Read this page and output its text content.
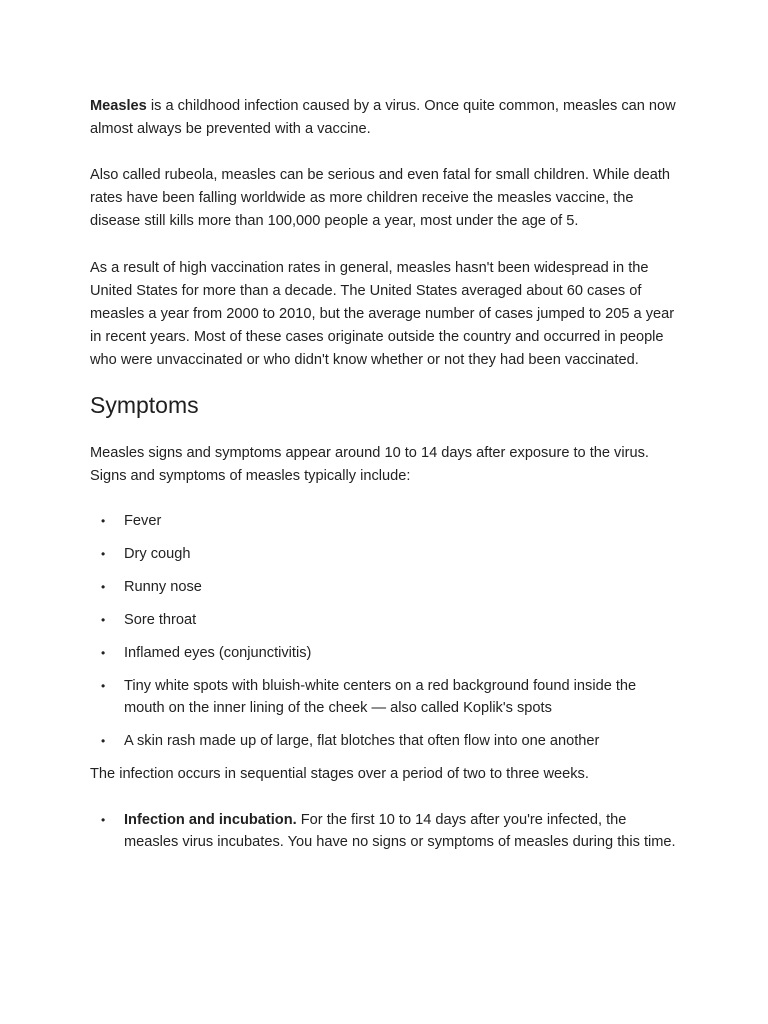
Measles is a childhood infection caused by a virus. Once quite common, measles can now almost always be prevented with a vaccine.

Also called rubeola, measles can be serious and even fatal for small children. While death rates have been falling worldwide as more children receive the measles vaccine, the disease still kills more than 100,000 people a year, most under the age of 5.

As a result of high vaccination rates in general, measles hasn't been widespread in the United States for more than a decade. The United States averaged about 60 cases of measles a year from 2000 to 2010, but the average number of cases jumped to 205 a year in recent years. Most of these cases originate outside the country and occurred in people who were unvaccinated or who didn't know whether or not they had been vaccinated.

Symptoms

Measles signs and symptoms appear around 10 to 14 days after exposure to the virus. Signs and symptoms of measles typically include:

• Fever
• Dry cough
• Runny nose
• Sore throat
• Inflamed eyes (conjunctivitis)
• Tiny white spots with bluish-white centers on a red background found inside the mouth on the inner lining of the cheek — also called Koplik's spots
• A skin rash made up of large, flat blotches that often flow into one another

The infection occurs in sequential stages over a period of two to three weeks.

• Infection and incubation. For the first 10 to 14 days after you're infected, the measles virus incubates. You have no signs or symptoms of measles during this time.
